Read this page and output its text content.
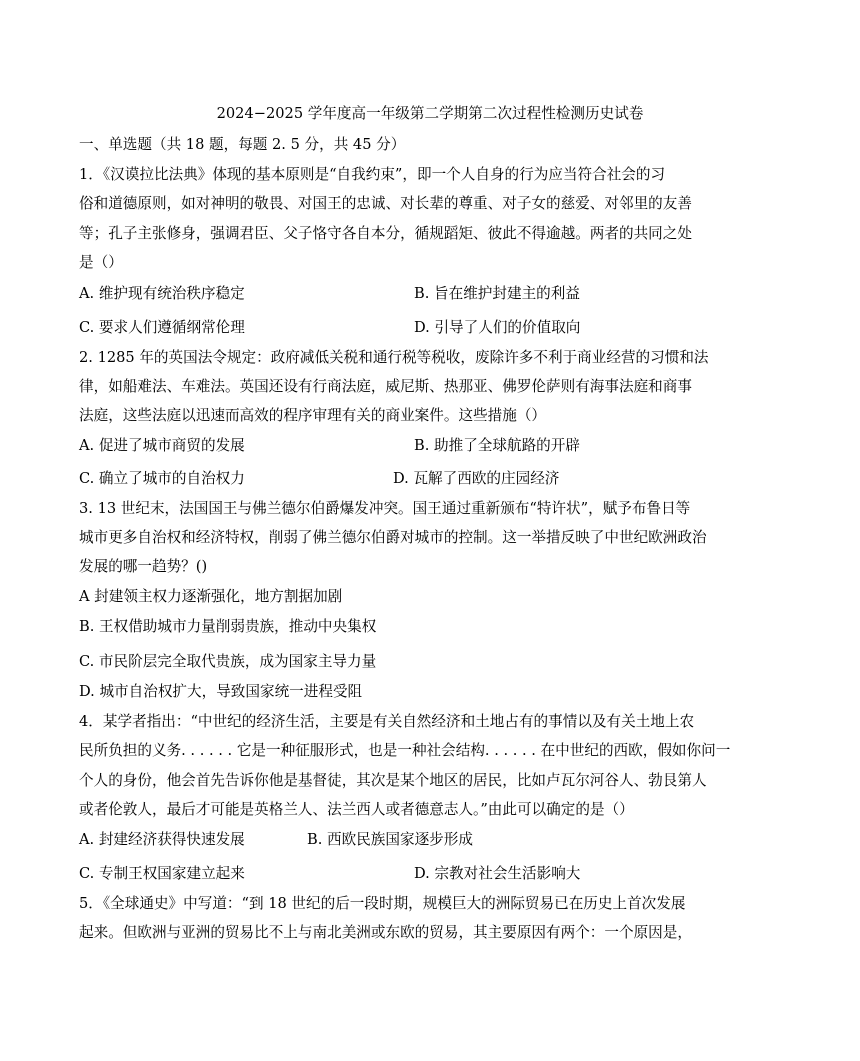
2024−2025 学年度高一年级第二学期第二次过程性检测历史试卷
一、单选题（共 18 题，每题 2. 5 分，共 45 分）
1．《汉谟拉比法典》体现的基本原则是“自我约束”，即一个人自身的行为应当符合社会的习
俗和道德原则，如对神明的敬畏、对国王的忠诚、对长辈的尊重、对子女的慈爱、对邻里的友善
等；孔子主张修身，强调君臣、父子恪守各自本分，循规蹈矩、彼此不得逾越。两者的共同之处
是（）
A. 维护现有统治秩序稳定	B. 旨在维护封建主的利益
C. 要求人们遵循纲常伦理	D. 引导了人们的价值取向
2. 1285 年的英国法令规定：政府减低关税和通行税等税收，废除许多不利于商业经营的习惯和法
律，如船难法、车难法。英国还设有行商法庭，威尼斯、热那亚、佛罗伦萨则有海事法庭和商事
法庭，这些法庭以迅速而高效的程序审理有关的商业案件。这些措施（）
A. 促进了城市商贸的发展	B. 助推了全球航路的开辟
C. 确立了城市的自治权力	D. 瓦解了西欧的庄园经济
3. 13 世纪末，法国国王与佛兰德尔伯爵爆发冲突。国王通过重新颁布“特许状”，赋予布鲁日等
城市更多自治权和经济特权，削弱了佛兰德尔伯爵对城市的控制。这一举措反映了中世纪欧洲政治
发展的哪一趋势？()
A 封建领主权力逐渐强化，地方割据加剧
B. 王权借助城市力量削弱贵族，推动中央集权
C. 市民阶层完全取代贵族，成为国家主导力量
D. 城市自治权扩大，导致国家统一进程受阻
4．某学者指出：“中世纪的经济生活，主要是有关自然经济和土地占有的事情以及有关土地上农
民所负担的义务. . . . . . 它是一种征服形式，也是一种社会结构. . . . . . 在中世纪的西欧，假如你问一
个人的身份，他会首先告诉你他是基督徒，其次是某个地区的居民，比如卢瓦尔河谷人、勃艮第人
或者伦敦人，最后才可能是英格兰人、法兰西人或者德意志人。”由此可以确定的是（）
A. 封建经济获得快速发展	B. 西欧民族国家逐步形成
C. 专制王权国家建立起来	D. 宗教对社会生活影响大
5．《全球通史》中写道：“到 18 世纪的后一段时期，规模巨大的洲际贸易已在历史上首次发展
起来。但欧洲与亚洲的贸易比不上与南北美洲或东欧的贸易，其主要原因有两个：一个原因是，
